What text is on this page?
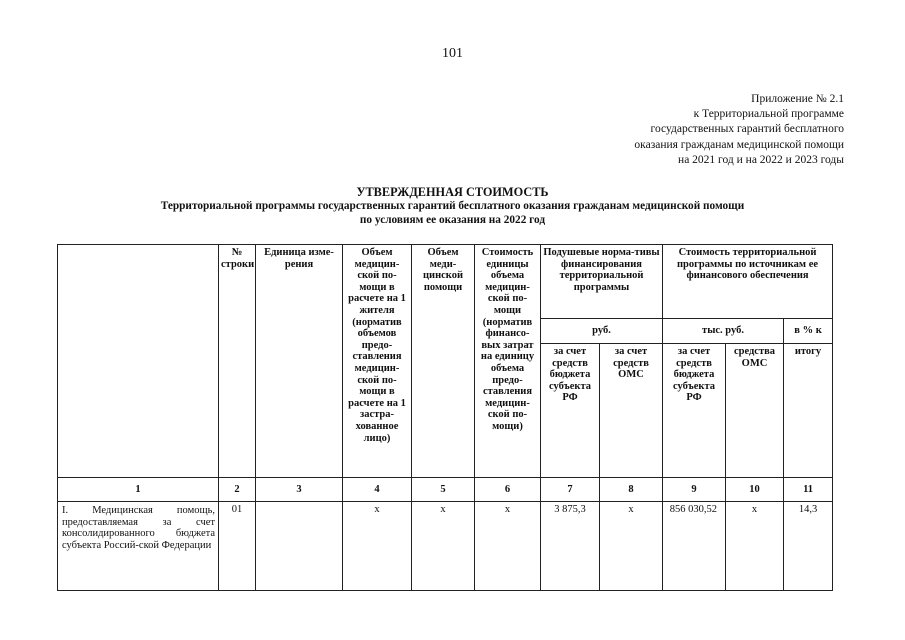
101
Приложение № 2.1
к Территориальной программе
государственных гарантий бесплатного
оказания гражданам медицинской помощи
на 2021 год и на 2022 и 2023 годы
УТВЕРЖДЕННАЯ СТОИМОСТЬ
Территориальной программы государственных гарантий бесплатного оказания гражданам медицинской помощи
по условиям ее оказания на 2022 год
	№ строки	Единица изме-рения	Объем медицин-ской по-мощи в расчете на 1 жителя (норматив объемов предо-ставления медицин-ской по-мощи в расчете на 1 застра-хованное лицо)	Объем меди-цинской помощи	Стоимость единицы объема медицин-ской по-мощи (норматив финансо-вых затрат на единицу объема предо-ставления медицин-ской по-мощи)	Подушевые норма-тивы финансирования территориальной программы		Стоимость территориальной программы по источникам ее финансового обеспечения		
						руб.		тыс. руб.		в % к
						за счет средств бюджета субъекта РФ	за счет средств ОМС	за счет средств бюджета субъекта РФ	средства ОМС	итогу
1	2	3	4	5	6	7	8	9	10	11
I. Медицинская помощь, предоставляемая за счет консолидированного бюджета субъекта Россий-ской Федерации	01		х	х	х	3 875,3	х	856 030,52	х	14,3
